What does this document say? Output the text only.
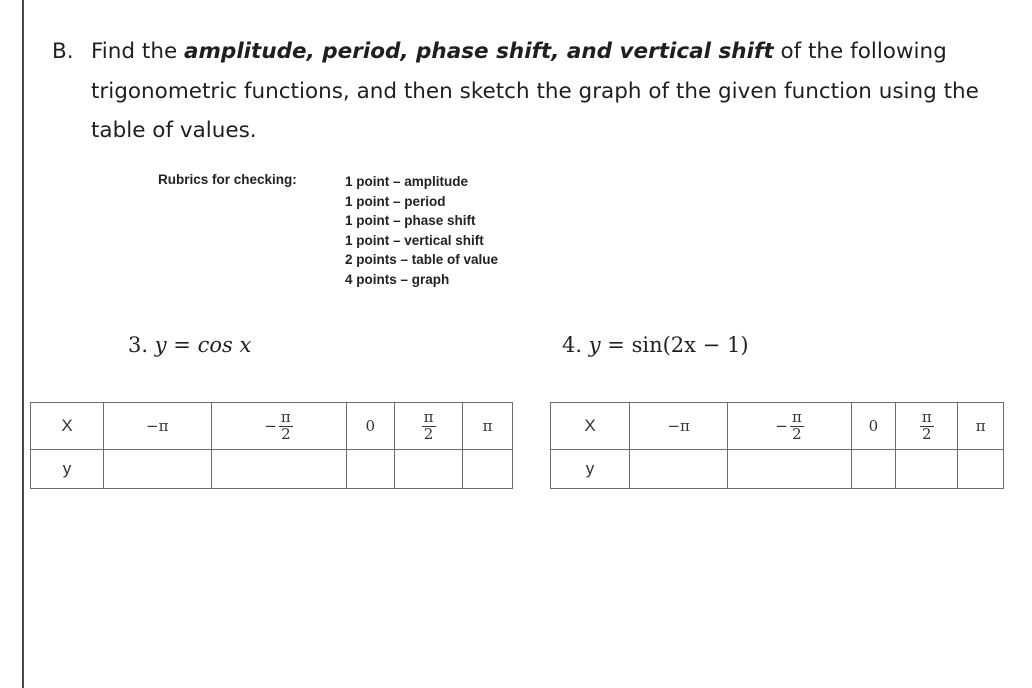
B. Find the amplitude, period, phase shift, and vertical shift of the following trigonometric functions, and then sketch the graph of the given function using the table of values.
Rubrics for checking:	1 point – amplitude
1 point – period
1 point – phase shift
1 point – vertical shift
2 points – table of value
4 points – graph
3. y = cos x	4. y = sin(2x − 1)
X	−π	− $\frac{\pi}{2}$	0	$\frac{\pi}{2}$	π
y					
X	−π	− $\frac{\pi}{2}$	0	$\frac{\pi}{2}$	π
y					
